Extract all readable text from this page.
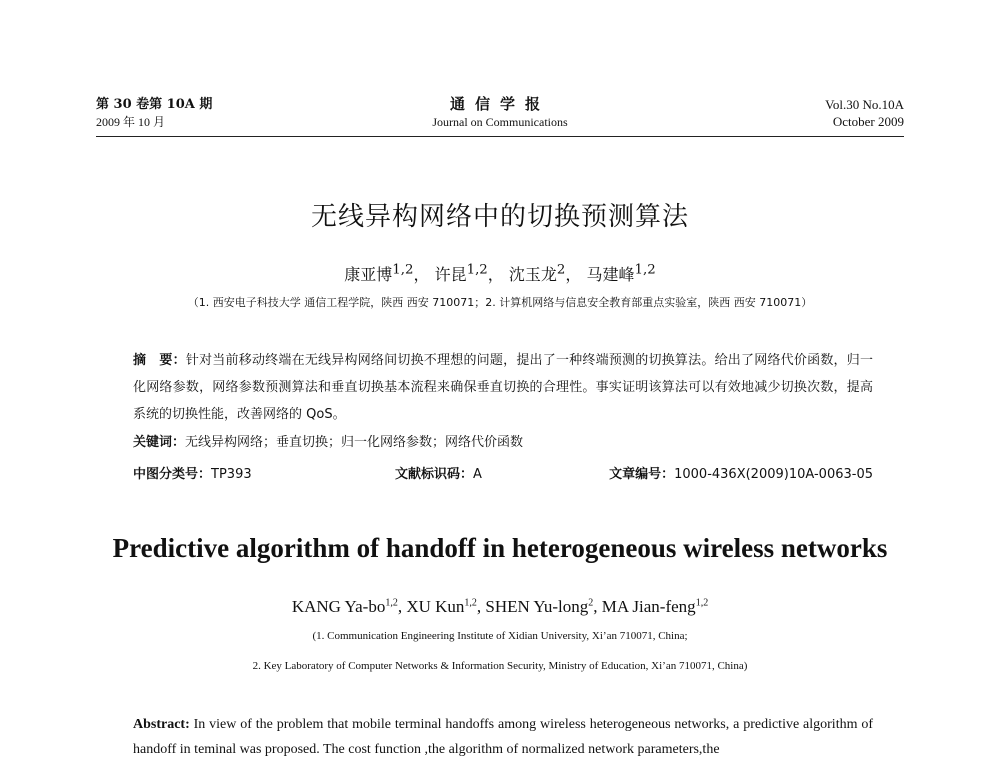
第 30 卷第 10A 期
2009 年 10 月
通信学报
Journal on Communications
Vol.30 No.10A
October 2009
无线异构网络中的切换预测算法
康亚博$^{1,2}$， 许昆$^{1,2}$， 沈玉龙$^2$， 马建峰$^{1,2}$
（1. 西安电子科技大学 通信工程学院，陕西 西安 710071；2. 计算机网络与信息安全教育部重点实验室，陕西 西安 710071）
摘　要：针对当前移动终端在无线异构网络间切换不理想的问题，提出了一种终端预测的切换算法。给出了网络代价函数，归一化网络参数，网络参数预测算法和垂直切换基本流程来确保垂直切换的合理性。事实证明该算法可以有效地减少切换次数，提高系统的切换性能，改善网络的 QoS。
关键词：无线异构网络；垂直切换；归一化网络参数；网络代价函数
中图分类号：TP393	文献标识码：A	文章编号：1000-436X(2009)10A-0063-05
Predictive algorithm of handoff in heterogeneous wireless networks
KANG Ya-bo$^{1,2}$, XU Kun$^{1,2}$, SHEN Yu-long$^2$, MA Jian-feng$^{1,2}$
(1. Communication Engineering Institute of Xidian University, Xi’an 710071, China;
2. Key Laboratory of Computer Networks & Information Security, Ministry of Education, Xi’an 710071, China)
Abstract: In view of the problem that mobile terminal handoffs among wireless heterogeneous networks, a predictive algorithm of handoff in teminal was proposed. The cost function ,the algorithm of normalized network parameters,the
